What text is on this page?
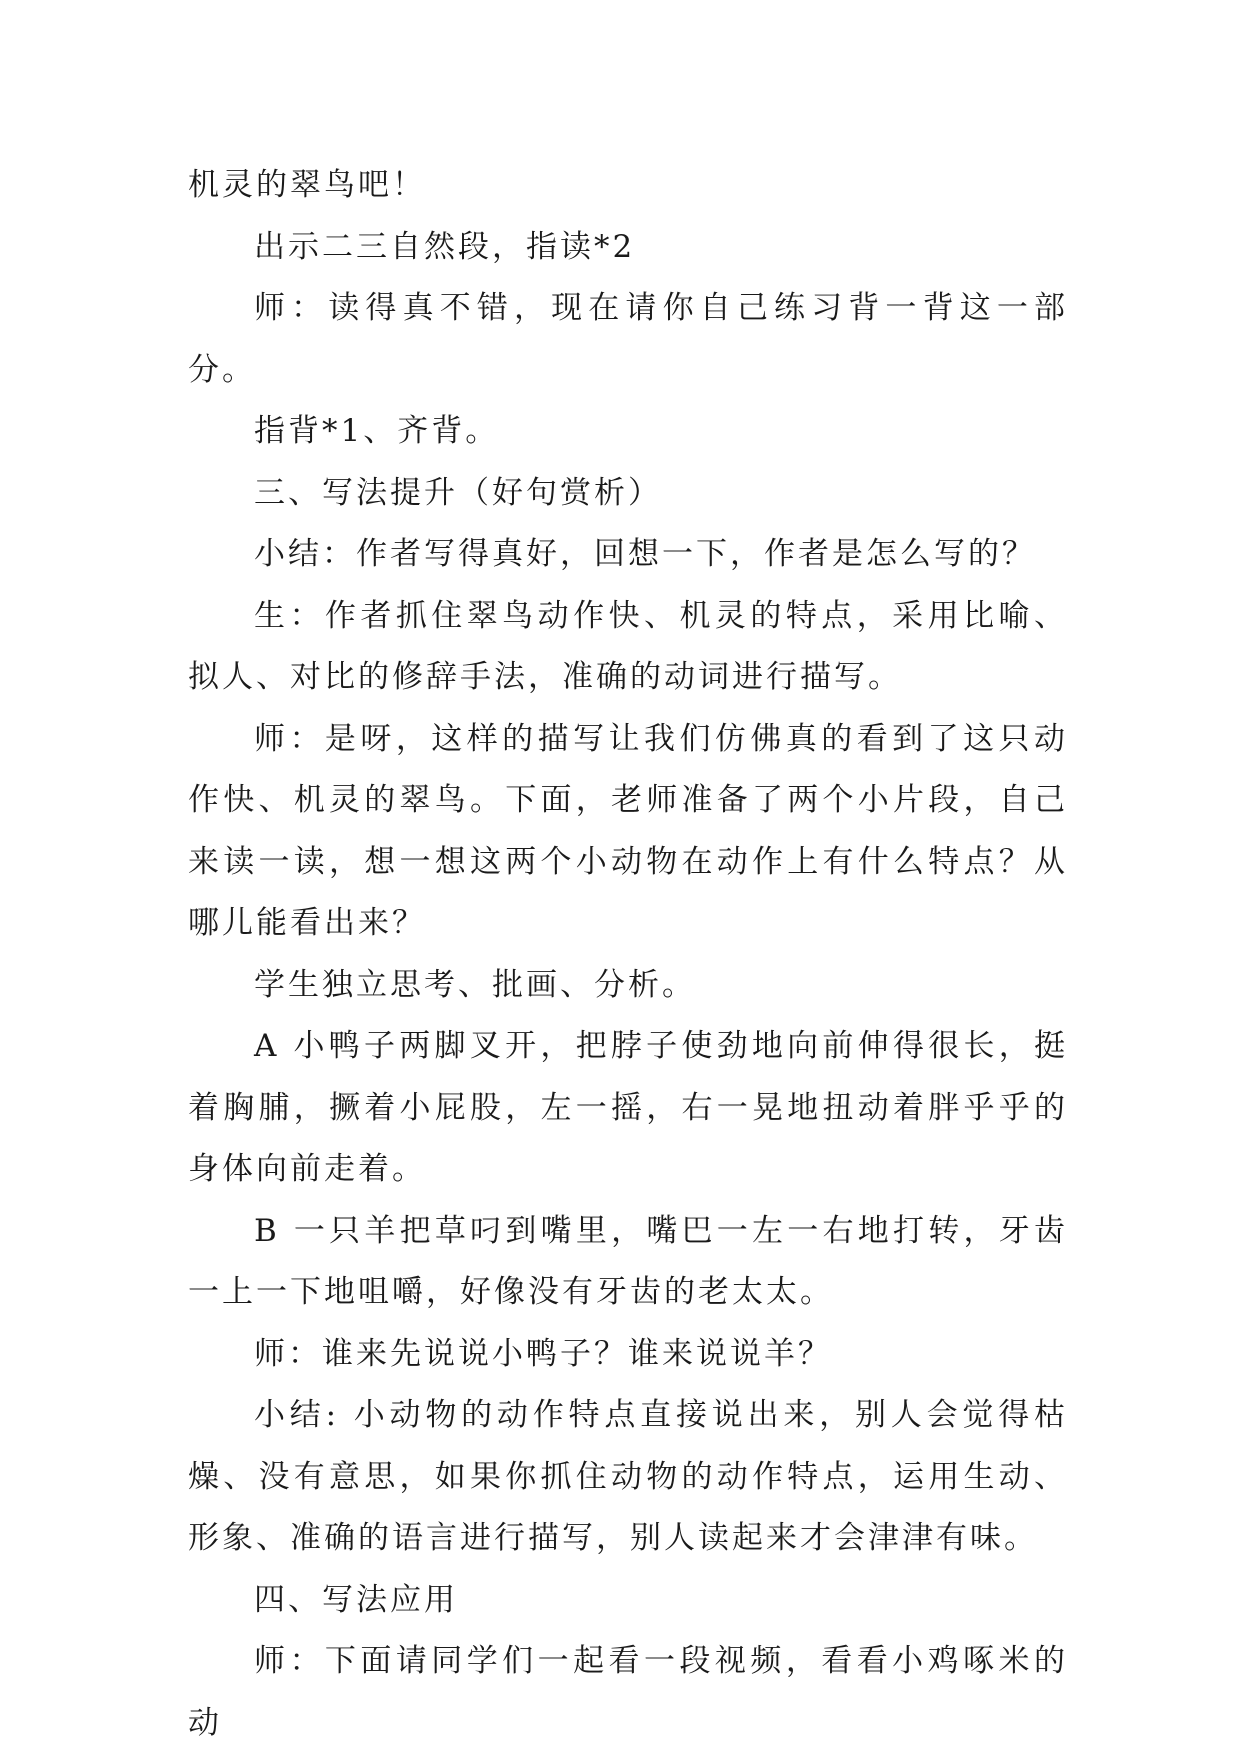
机灵的翠鸟吧！

出示二三自然段，指读*2

师：读得真不错，现在请你自己练习背一背这一部分。

指背*1、齐背。

三、写法提升（好句赏析）

小结：作者写得真好，回想一下，作者是怎么写的？

生：作者抓住翠鸟动作快、机灵的特点，采用比喻、拟人、对比的修辞手法，准确的动词进行描写。

师：是呀，这样的描写让我们仿佛真的看到了这只动作快、机灵的翠鸟。下面，老师准备了两个小片段，自己来读一读，想一想这两个小动物在动作上有什么特点？从哪儿能看出来？

学生独立思考、批画、分析。

A 小鸭子两脚叉开，把脖子使劲地向前伸得很长，挺着胸脯，撅着小屁股，左一摇，右一晃地扭动着胖乎乎的身体向前走着。

B 一只羊把草叼到嘴里，嘴巴一左一右地打转，牙齿一上一下地咀嚼，好像没有牙齿的老太太。

师：谁来先说说小鸭子？谁来说说羊？

小结: 小动物的动作特点直接说出来，别人会觉得枯燥、没有意思，如果你抓住动物的动作特点，运用生动、形象、准确的语言进行描写，别人读起来才会津津有味。

四、写法应用

师：下面请同学们一起看一段视频，看看小鸡啄米的动
